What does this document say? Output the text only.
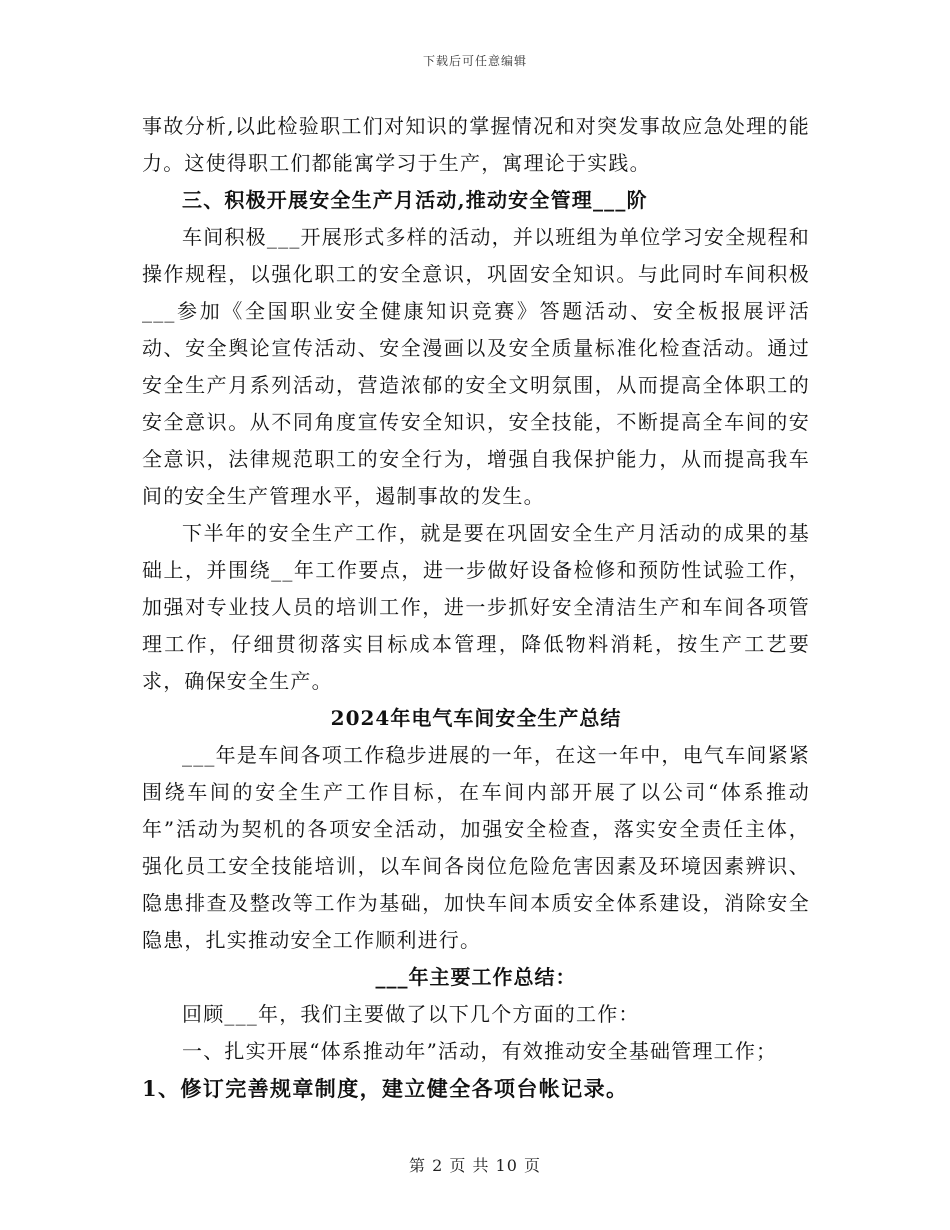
下载后可任意编辑

事故分析,以此检验职工们对知识的掌握情况和对突发事故应急处理的能力。这使得职工们都能寓学习于生产，寓理论于实践。

三、积极开展安全生产月活动,推动安全管理___阶

车间积极___开展形式多样的活动，并以班组为单位学习安全规程和操作规程，以强化职工的安全意识，巩固安全知识。与此同时车间积极___参加《全国职业安全健康知识竞赛》答题活动、安全板报展评活动、安全舆论宣传活动、安全漫画以及安全质量标准化检查活动。通过安全生产月系列活动，营造浓郁的安全文明氛围，从而提高全体职工的安全意识。从不同角度宣传安全知识，安全技能，不断提高全车间的安全意识，法律规范职工的安全行为，增强自我保护能力，从而提高我车间的安全生产管理水平，遏制事故的发生。

下半年的安全生产工作，就是要在巩固安全生产月活动的成果的基础上，并围绕__年工作要点，进一步做好设备检修和预防性试验工作，加强对专业技人员的培训工作，进一步抓好安全清洁生产和车间各项管理工作，仔细贯彻落实目标成本管理，降低物料消耗，按生产工艺要求，确保安全生产。

2024年电气车间安全生产总结

___年是车间各项工作稳步进展的一年，在这一年中，电气车间紧紧围绕车间的安全生产工作目标，在车间内部开展了以公司“体系推动年”活动为契机的各项安全活动，加强安全检查，落实安全责任主体，强化员工安全技能培训，以车间各岗位危险危害因素及环境因素辨识、隐患排查及整改等工作为基础，加快车间本质安全体系建设，消除安全隐患，扎实推动安全工作顺利进行。

___年主要工作总结：

回顾___年，我们主要做了以下几个方面的工作：

一、扎实开展“体系推动年”活动，有效推动安全基础管理工作；

1、修订完善规章制度，建立健全各项台帐记录。

第 2 页 共 10 页
